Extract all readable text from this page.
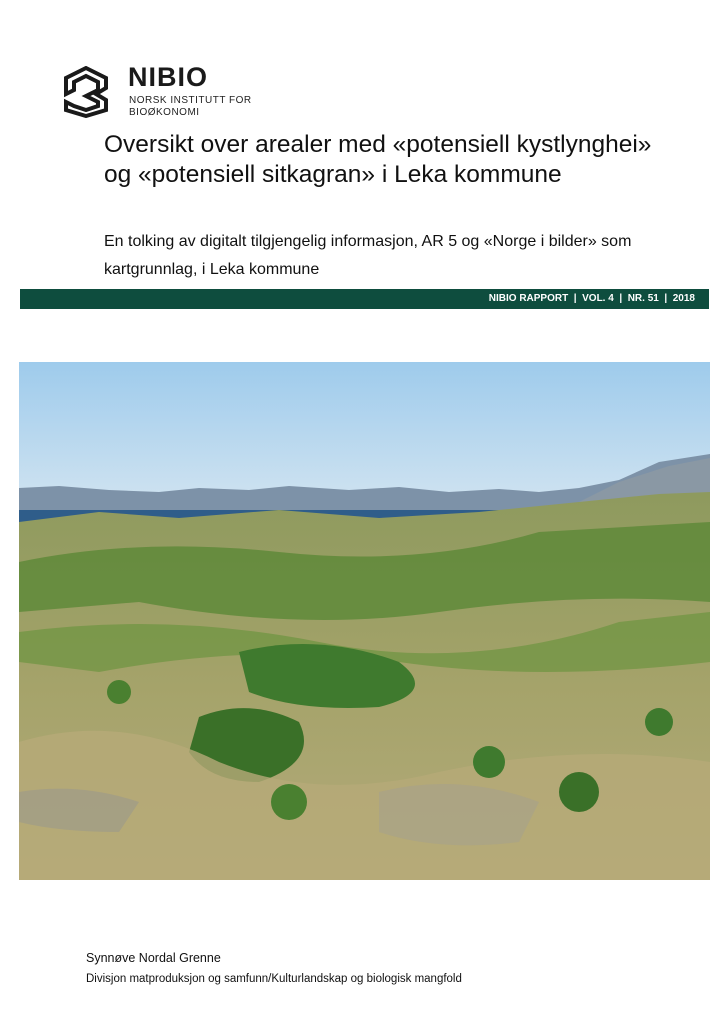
NIBIO
NORSK INSTITUTT FOR
BIOØKONOMI
Oversikt over arealer med «potensiell kystlynghei» og «potensiell sitkagran» i Leka kommune
En tolking av digitalt tilgjengelig informasjon, AR 5 og «Norge i bilder» som kartgrunnlag, i Leka kommune
NIBIO RAPPORT  |  VOL. 4  |  NR. 51  |  2018
Synnøve Nordal Grenne
Divisjon matproduksjon og samfunn/Kulturlandskap og biologisk mangfold
